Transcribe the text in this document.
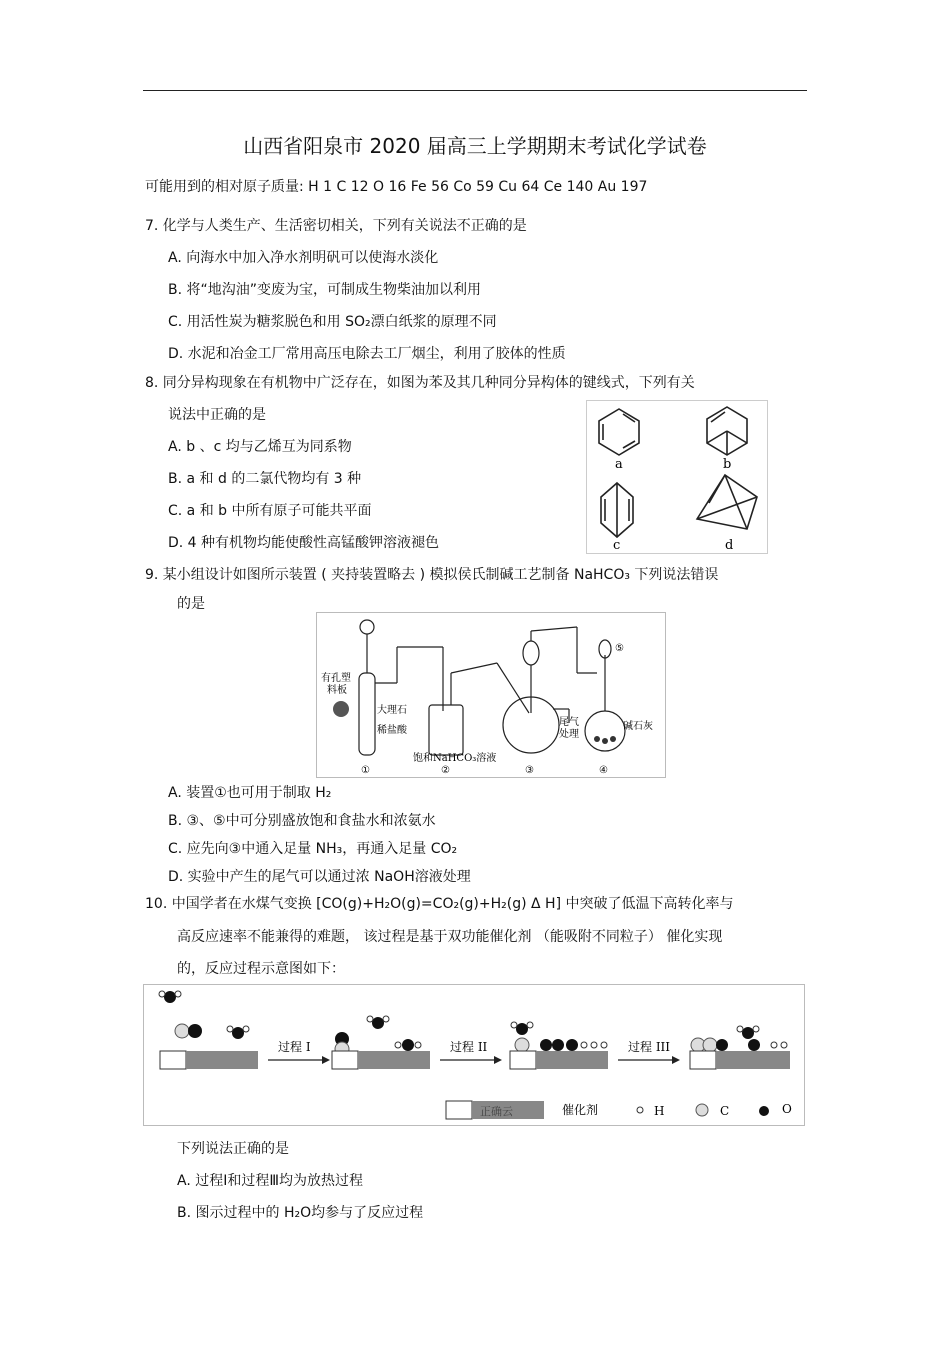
山西省阳泉市 2020 届高三上学期期末考试化学试卷
可能用到的相对原子质量: H 1 C 12 O 16 Fe 56 Co 59 Cu 64 Ce 140 Au 197
7. 化学与人类生产、生活密切相关，下列有关说法不正确的是
A. 向海水中加入净水剂明矾可以使海水淡化
B. 将“地沟油”变废为宝，可制成生物柴油加以利用
C. 用活性炭为糖浆脱色和用 SO₂漂白纸浆的原理不同
D. 水泥和冶金工厂常用高压电除去工厂烟尘，利用了胶体的性质
8. 同分异构现象在有机物中广泛存在，如图为苯及其几种同分异构体的键线式，下列有关
说法中正确的是
A. b 、c 均与乙烯互为同系物
B. a 和 d 的二氯代物均有 3 种
C. a 和 b 中所有原子可能共平面
D. 4 种有机物均能使酸性高锰酸钾溶液褪色
a	b
c	d
9. 某小组设计如图所示装置 ( 夹持装置略去 ) 模拟侯氏制碱工艺制备 NaHCO₃ 下列说法错误
的是
有孔塑
料板
大理石
稀盐酸
饱和NaHCO₃溶液
尾气
处理
碱石灰
①	②	③	④
⑤
A. 装置①也可用于制取 H₂
B. ③、⑤中可分别盛放饱和食盐水和浓氨水
C. 应先向③中通入足量 NH₃，再通入足量 CO₂
D. 实验中产生的尾气可以通过浓 NaOH溶液处理
10. 中国学者在水煤气变换 [CO(g)+H₂O(g)=CO₂(g)+H₂(g) Δ H] 中突破了低温下高转化率与
高反应速率不能兼得的难题， 该过程是基于双功能催化剂 （能吸附不同粒子） 催化实现
的，反应过程示意图如下：
过程 I	过程 II	过程 III
正确云	催化剂	H	C	O
下列说法正确的是
A. 过程Ⅰ和过程Ⅲ均为放热过程
B. 图示过程中的 H₂O均参与了反应过程
